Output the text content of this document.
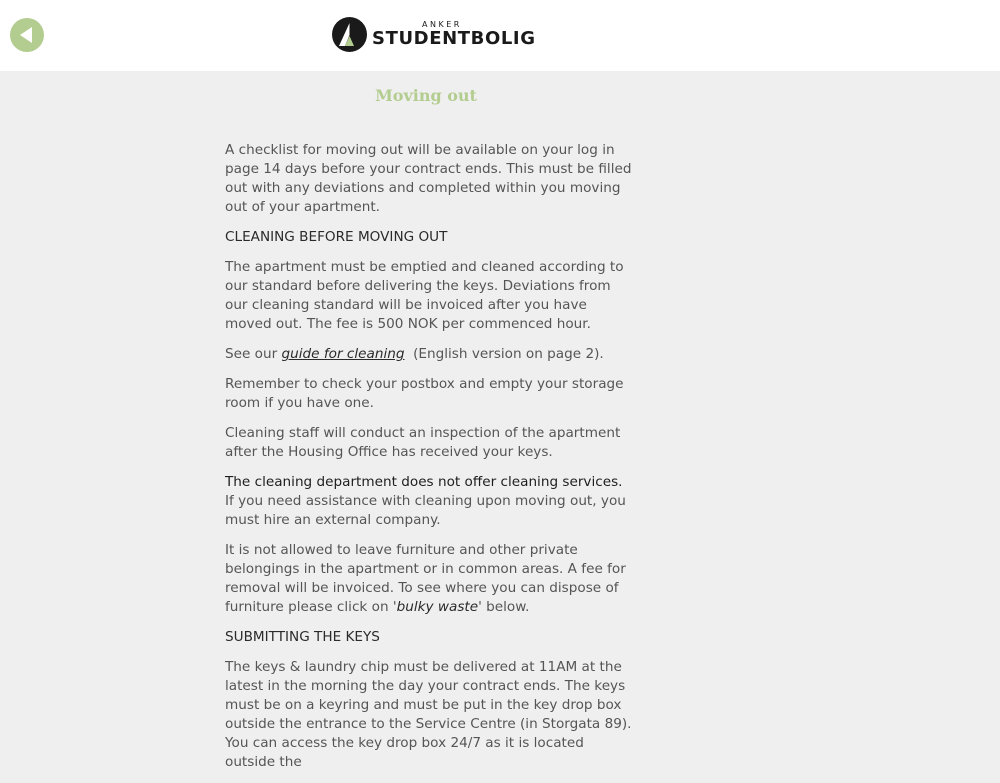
ANKER
STUDENTBOLIG
Moving out

A checklist for moving out will be available on your log in page 14 days before your contract ends. This must be filled out with any deviations and completed within you moving out of your apartment.

CLEANING BEFORE MOVING OUT

The apartment must be emptied and cleaned according to our standard before delivering the keys. Deviations from our cleaning standard will be invoiced after you have moved out. The fee is 500 NOK per commenced hour.

See our guide for cleaning  (English version on page 2).

Remember to check your postbox and empty your storage room if you have one.

Cleaning staff will conduct an inspection of the apartment after the Housing Office has received your keys.

The cleaning department does not offer cleaning services. If you need assistance with cleaning upon moving out, you must hire an external company.

It is not allowed to leave furniture and other private belongings in the apartment or in common areas. A fee for removal will be invoiced. To see where you can dispose of furniture please click on 'bulky waste' below.

SUBMITTING THE KEYS

The keys & laundry chip must be delivered at 11AM at the latest in the morning the day your contract ends. The keys must be on a keyring and must be put in the key drop box outside the entrance to the Service Centre (in Storgata 89). You can access the key drop box 24/7 as it is located outside the
